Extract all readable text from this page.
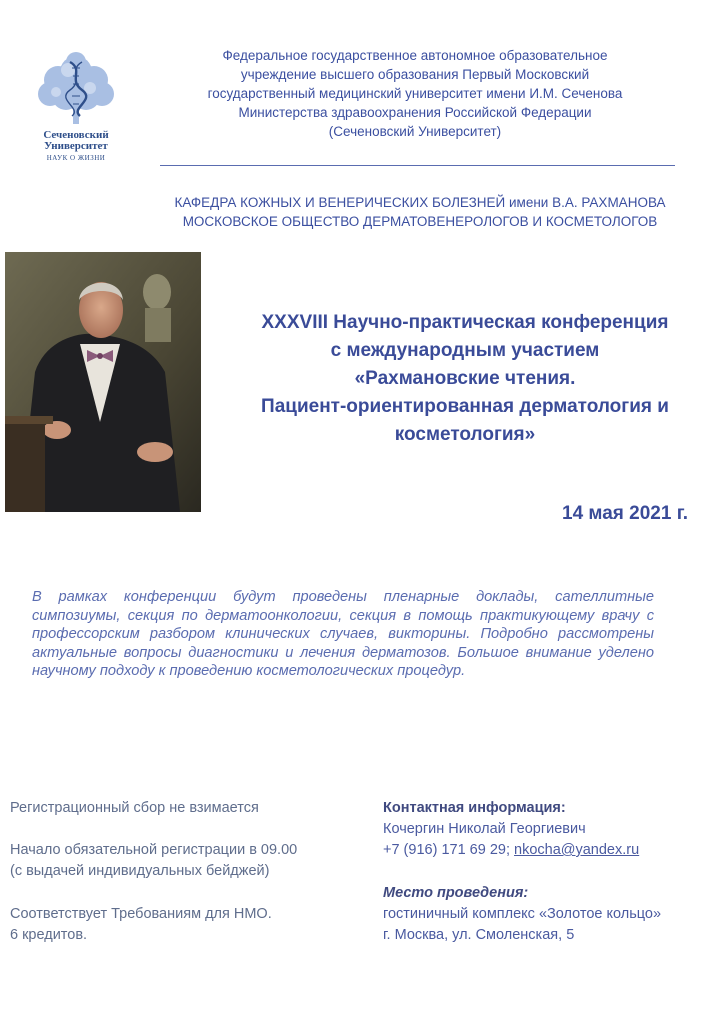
Сеченовский
Университет
НАУК О ЖИЗНИ
Федеральное государственное автономное образовательное
учреждение высшего образования Первый Московский
государственный медицинский университет имени И.М. Сеченова
Министерства здравоохранения Российской Федерации
(Сеченовский Университет)
КАФЕДРА КОЖНЫХ И ВЕНЕРИЧЕСКИХ БОЛЕЗНЕЙ имени В.А. РАХМАНОВА
МОСКОВСКОЕ ОБЩЕСТВО ДЕРМАТОВЕНЕРОЛОГОВ И КОСМЕТОЛОГОВ
XXXVIII Научно-практическая конференция
с международным участием
«Рахмановские чтения.
Пациент-ориентированная дерматология и
косметология»
14 мая 2021 г.
В рамках конференции будут проведены пленарные доклады, сателлитные симпозиумы, секция по дерматоонкологии, секция в помощь практикующему врачу с профессорским разбором клинических случаев, викторины. Подробно рассмотрены актуальные вопросы диагностики и лечения дерматозов. Большое внимание уделено научному подходу к проведению косметологических процедур.
Регистрационный сбор не взимается
Начало обязательной регистрации в 09.00
(с выдачей индивидуальных бейджей)
Соответствует Требованиям для НМО.
6 кредитов.
Контактная информация:
Кочергин Николай Георгиевич
+7 (916) 171 69 29; nkocha@yandex.ru
Место проведения:
гостиничный комплекс «Золотое кольцо»
г. Москва, ул. Смоленская, 5
